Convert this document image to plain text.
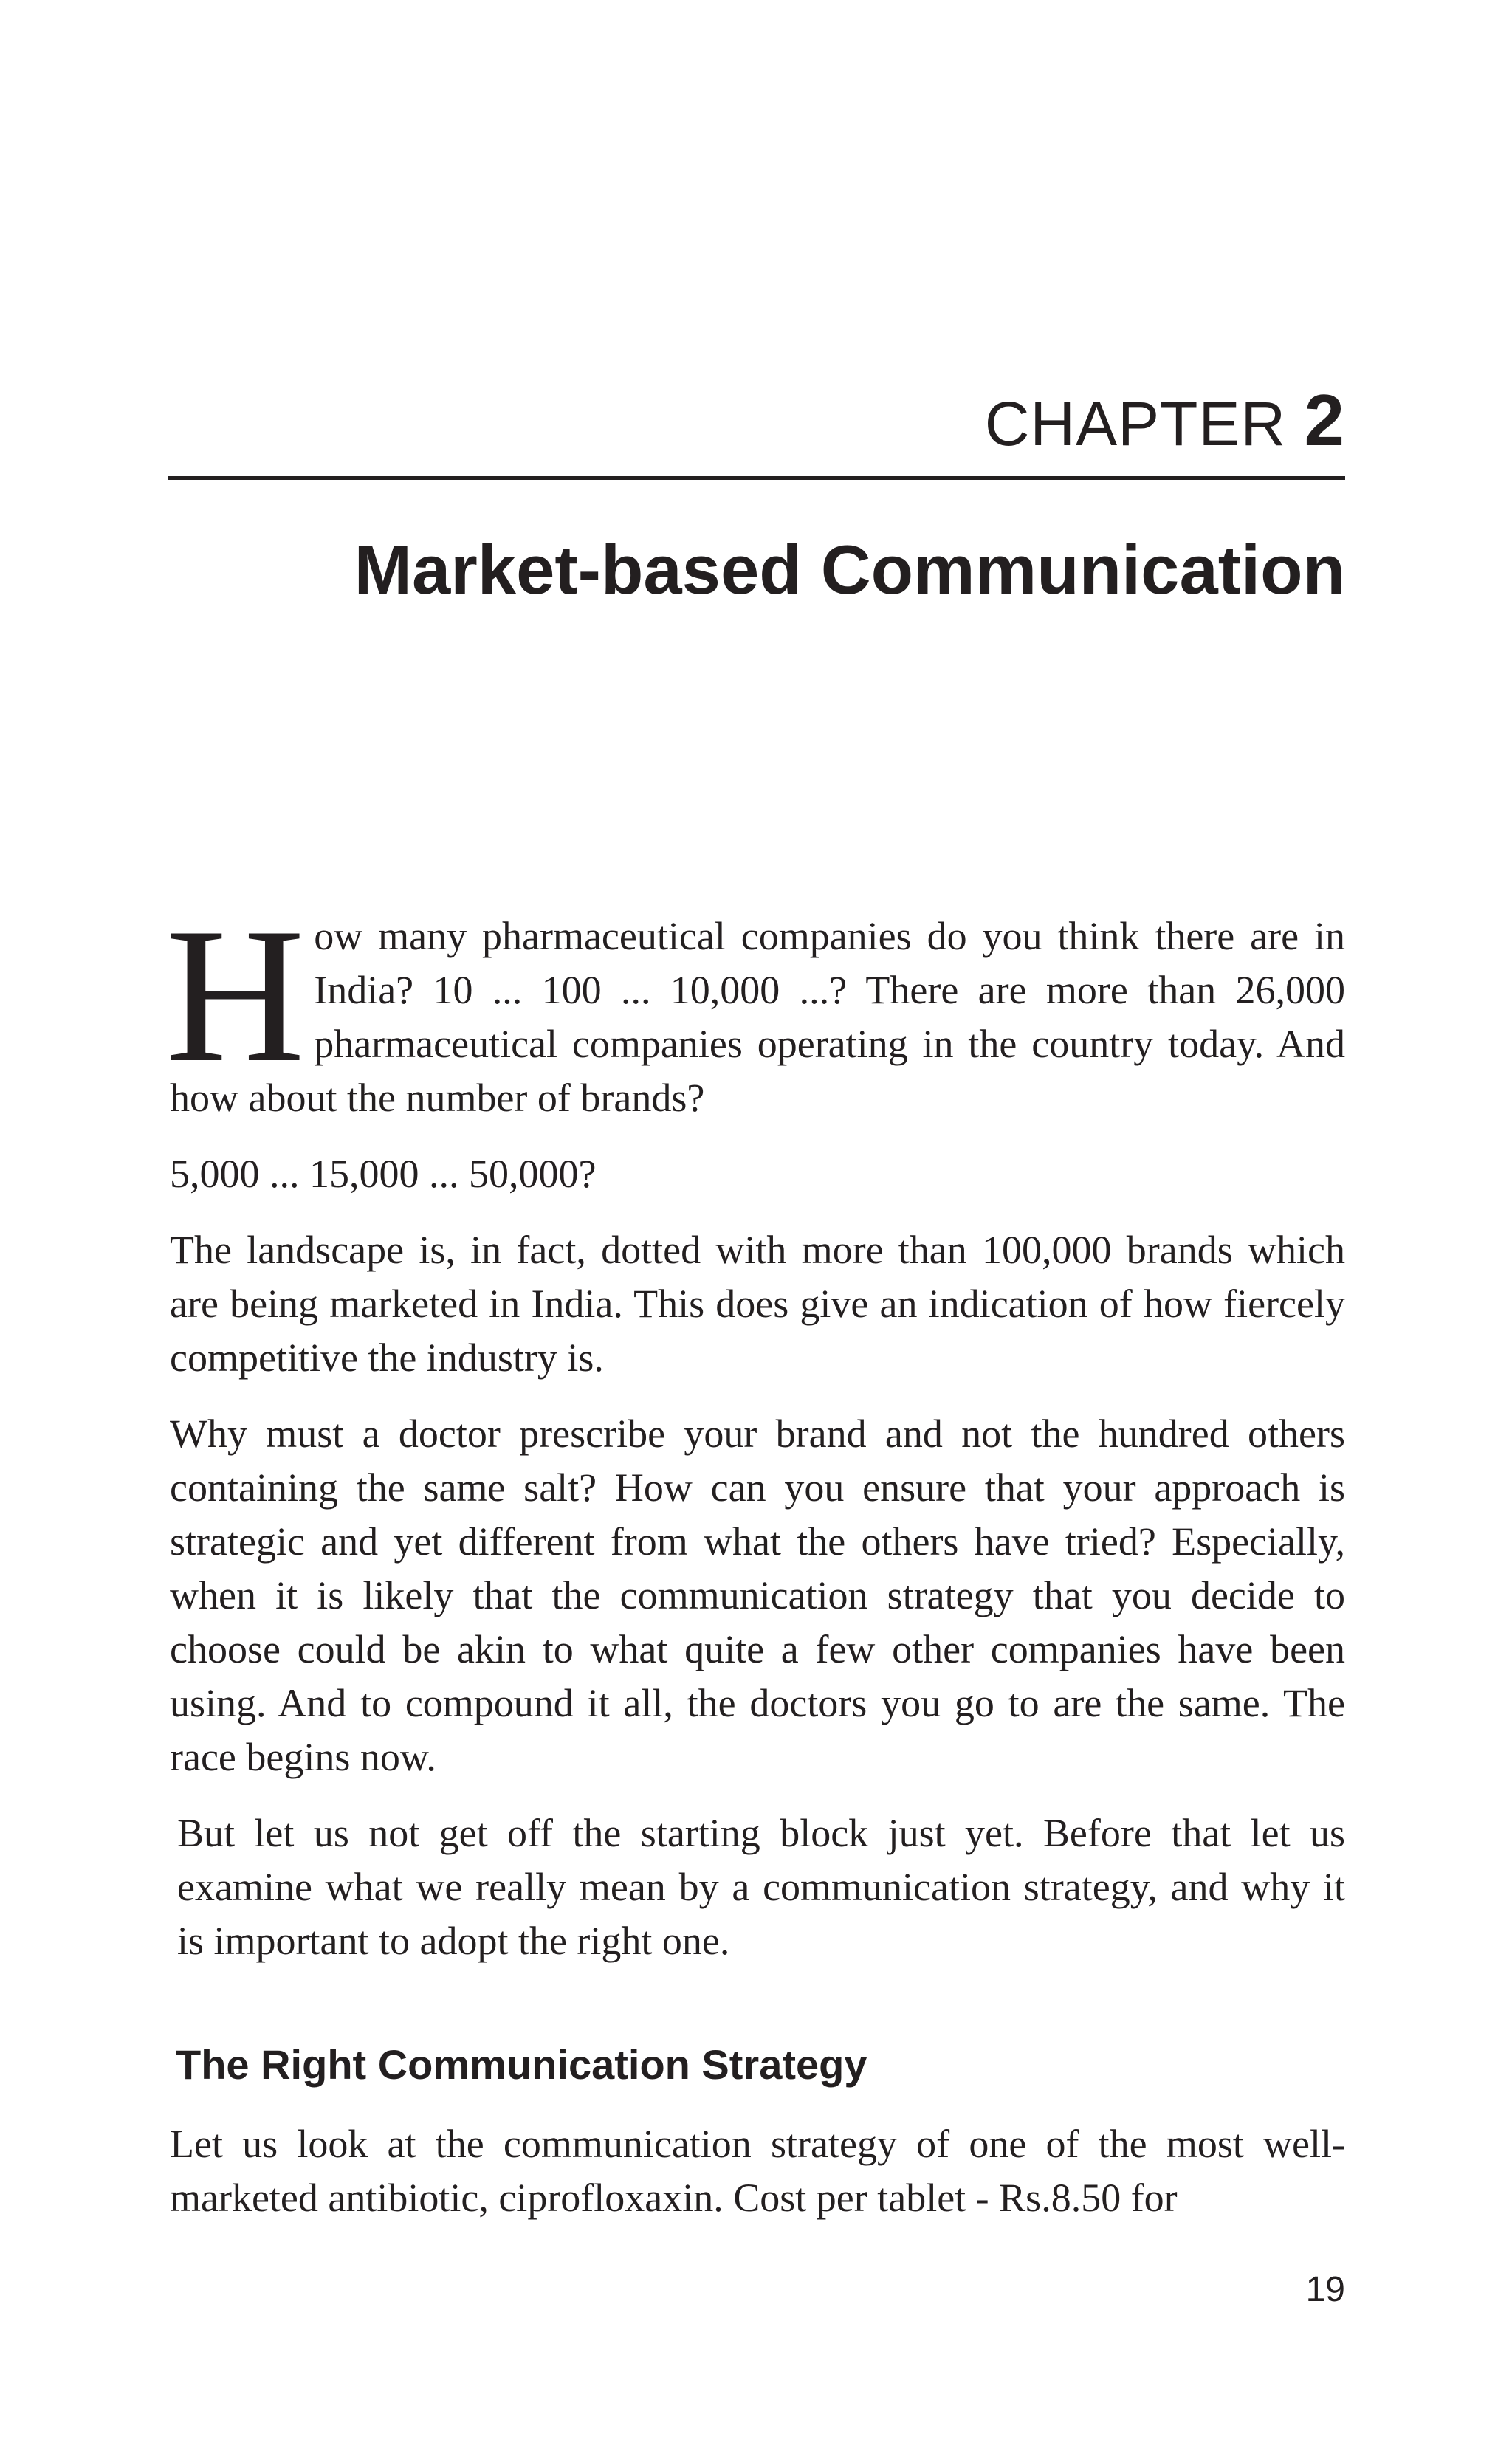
CHAPTER 2
Market-based Communication

How many pharmaceutical companies do you think there are in India? 10 ... 100 ... 10,000 ...? There are more than 26,000 pharmaceutical companies operating in the country today. And how about the number of brands?

5,000 ... 15,000 ... 50,000?

The landscape is, in fact, dotted with more than 100,000 brands which are being marketed in India. This does give an indication of how fiercely competitive the industry is.

Why must a doctor prescribe your brand and not the hundred others containing the same salt? How can you ensure that your approach is strategic and yet different from what the others have tried? Especially, when it is likely that the communication strategy that you decide to choose could be akin to what quite a few other companies have been using. And to compound it all, the doctors you go to are the same. The race begins now.

But let us not get off the starting block just yet. Before that let us examine what we really mean by a communication strategy, and why it is important to adopt the right one.

The Right Communication Strategy

Let us look at the communication strategy of one of the most well-marketed antibiotic, ciprofloxaxin. Cost per tablet - Rs.8.50 for

19
